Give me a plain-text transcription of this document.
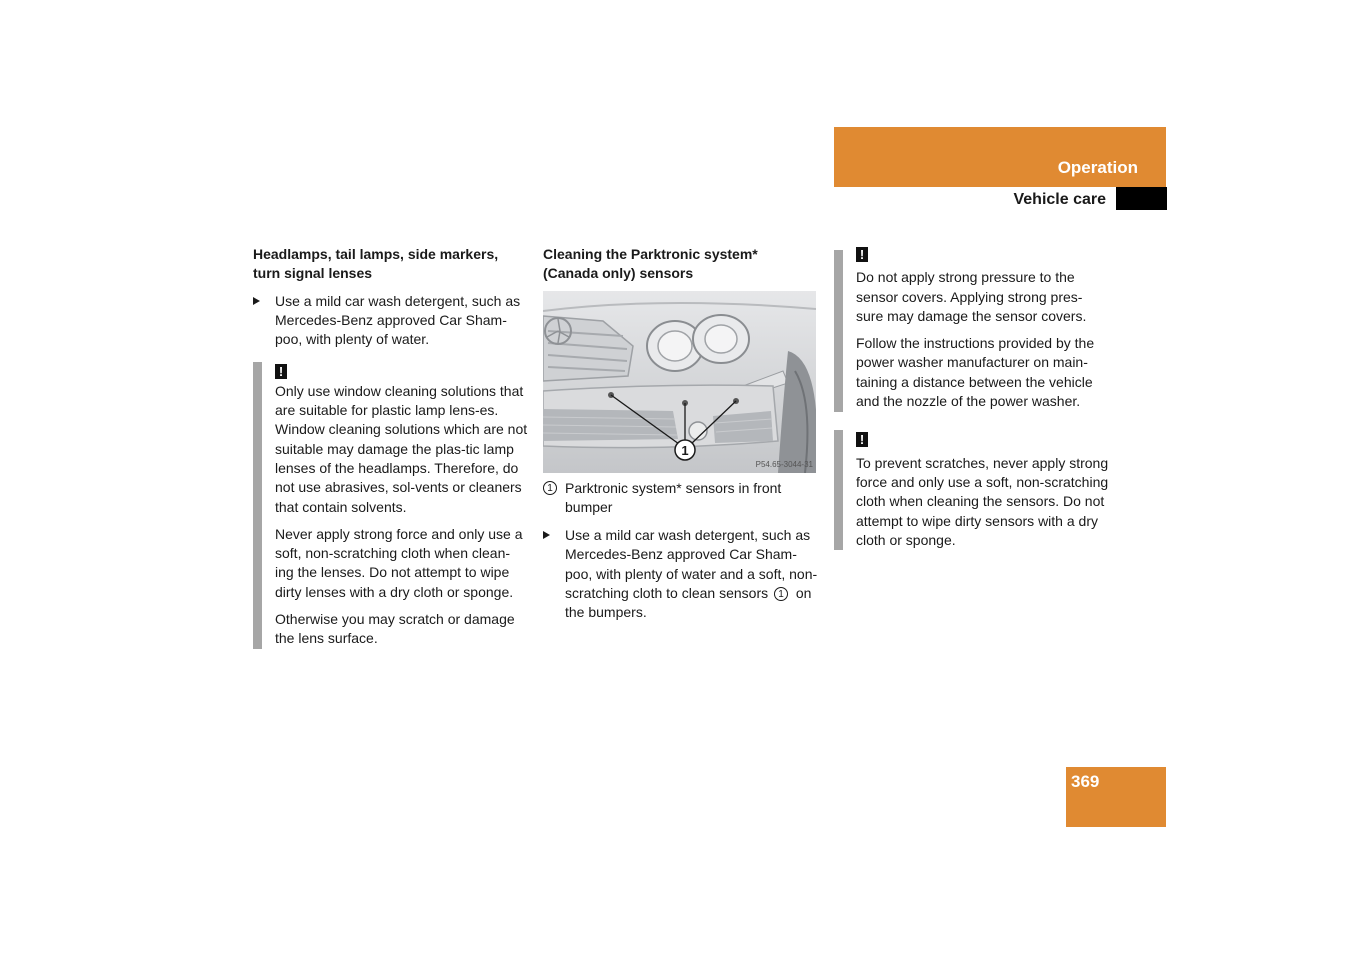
Operation
Vehicle care

Headlamps, tail lamps, side markers,
turn signal lenses

Use a mild car wash detergent, such as Mercedes-Benz approved Car Sham-poo, with plenty of water.
!

Only use window cleaning solutions that are suitable for plastic lamp lens-es. Window cleaning solutions which are not suitable may damage the plas-tic lamp lenses of the headlamps. Therefore, do not use abrasives, sol-vents or cleaners that contain solvents.

Never apply strong force and only use a soft, non-scratching cloth when clean-ing the lenses. Do not attempt to wipe dirty lenses with a dry cloth or sponge.

Otherwise you may scratch or damage the lens surface.

Cleaning the Parktronic system*
(Canada only) sensors

1
P54.65-3044-31
1 Parktronic system* sensors in front bumper
Use a mild car wash detergent, such as Mercedes-Benz approved Car Sham-poo, with plenty of water and a soft, non-scratching cloth to clean sensors 1 on the bumpers.
!

Do not apply strong pressure to the sensor covers. Applying strong pres-sure may damage the sensor covers.

Follow the instructions provided by the power washer manufacturer on main-taining a distance between the vehicle and the nozzle of the power washer.

!

To prevent scratches, never apply strong force and only use a soft, non-scratching cloth when cleaning the sensors. Do not attempt to wipe dirty sensors with a dry cloth or sponge.

369
